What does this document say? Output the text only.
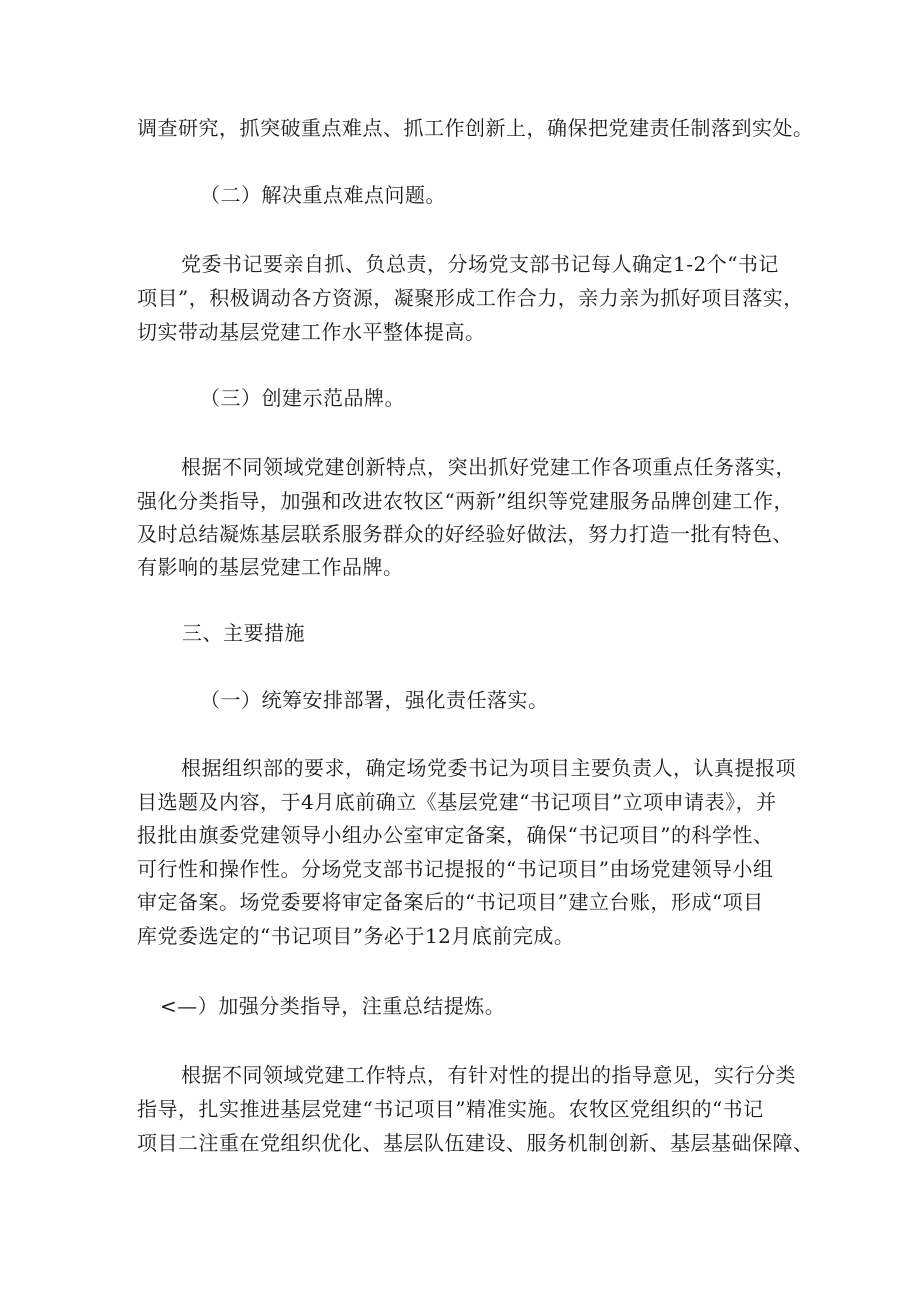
调查研究，抓突破重点难点、抓工作创新上，确保把党建责任制落到实处。
（二）解决重点难点问题。
党委书记要亲自抓、负总责，分场党支部书记每人确定1-2个“书记
项目”，积极调动各方资源，凝聚形成工作合力，亲力亲为抓好项目落实，
切实带动基层党建工作水平整体提高。
（三）创建示范品牌。
根据不同领域党建创新特点，突出抓好党建工作各项重点任务落实，
强化分类指导，加强和改进农牧区“两新”组织等党建服务品牌创建工作，
及时总结凝炼基层联系服务群众的好经验好做法，努力打造一批有特色、
有影响的基层党建工作品牌。
三、主要措施
（一）统筹安排部署，强化责任落实。
根据组织部的要求，确定场党委书记为项目主要负责人，认真提报项
目选题及内容，于4月底前确立《基层党建“书记项目”立项申请表》，并
报批由旗委党建领导小组办公室审定备案，确保“书记项目”的科学性、
可行性和操作性。分场党支部书记提报的“书记项目”由场党建领导小组
审定备案。场党委要将审定备案后的“书记项目”建立台账，形成“项目
库党委选定的“书记项目”务必于12月底前完成。
<—）加强分类指导，注重总结提炼。
根据不同领域党建工作特点，有针对性的提出的指导意见，实行分类
指导，扎实推进基层党建“书记项目”精准实施。农牧区党组织的“书记
项目二注重在党组织优化、基层队伍建设、服务机制创新、基层基础保障、
